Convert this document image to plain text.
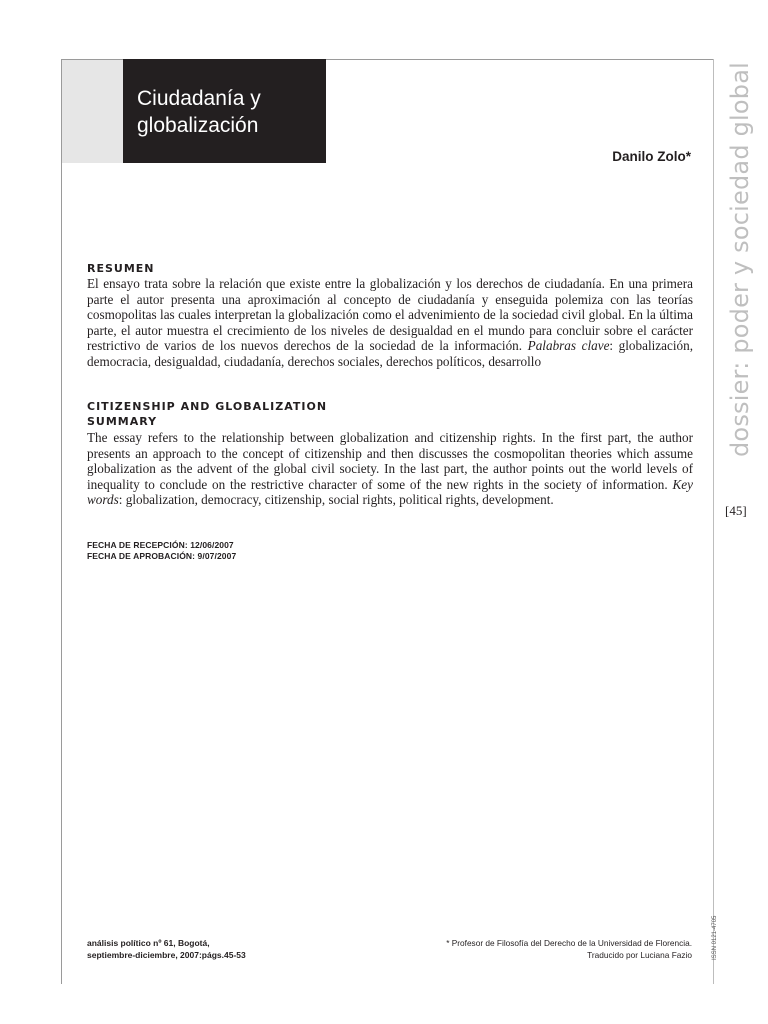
Ciudadanía y
globalización
Danilo Zolo*
RESUMEN

El ensayo trata sobre la relación que existe entre la globalización y los derechos de ciudadanía. En una primera parte el autor presenta una aproximación al concepto de ciudadanía y enseguida polemiza con las teorías cosmopolitas las cuales interpretan la globalización como el advenimiento de la sociedad civil global. En la última parte, el autor muestra el crecimiento de los niveles de desigualdad en el mundo para concluir sobre el carácter restrictivo de varios de los nuevos derechos de la sociedad de la información. Palabras clave: globalización, democracia, desigualdad, ciudadanía, derechos sociales, derechos políticos, desarrollo

CITIZENSHIP AND GLOBALIZATION
SUMMARY

The essay refers to the relationship between globalization and citizenship rights. In the first part, the author presents an approach to the concept of citizenship and then discusses the cosmopolitan theories which assume globalization as the advent of the global civil society. In the last part, the author points out the world levels of inequality to conclude on the restrictive character of some of the new rights in the society of information. Key words: globalization, democracy, citizenship, social rights, political rights, development.

FECHA DE RECEPCIÓN: 12/06/2007
FECHA DE APROBACIÓN: 9/07/2007
dossier: poder y sociedad global
[45]
análisis político nº 61, Bogotá,
septiembre-diciembre, 2007:págs.45-53
* Profesor de Filosofía del Derecho de la Universidad de Florencia.
Traducido por Luciana Fazio	ISSN 0121-4705
